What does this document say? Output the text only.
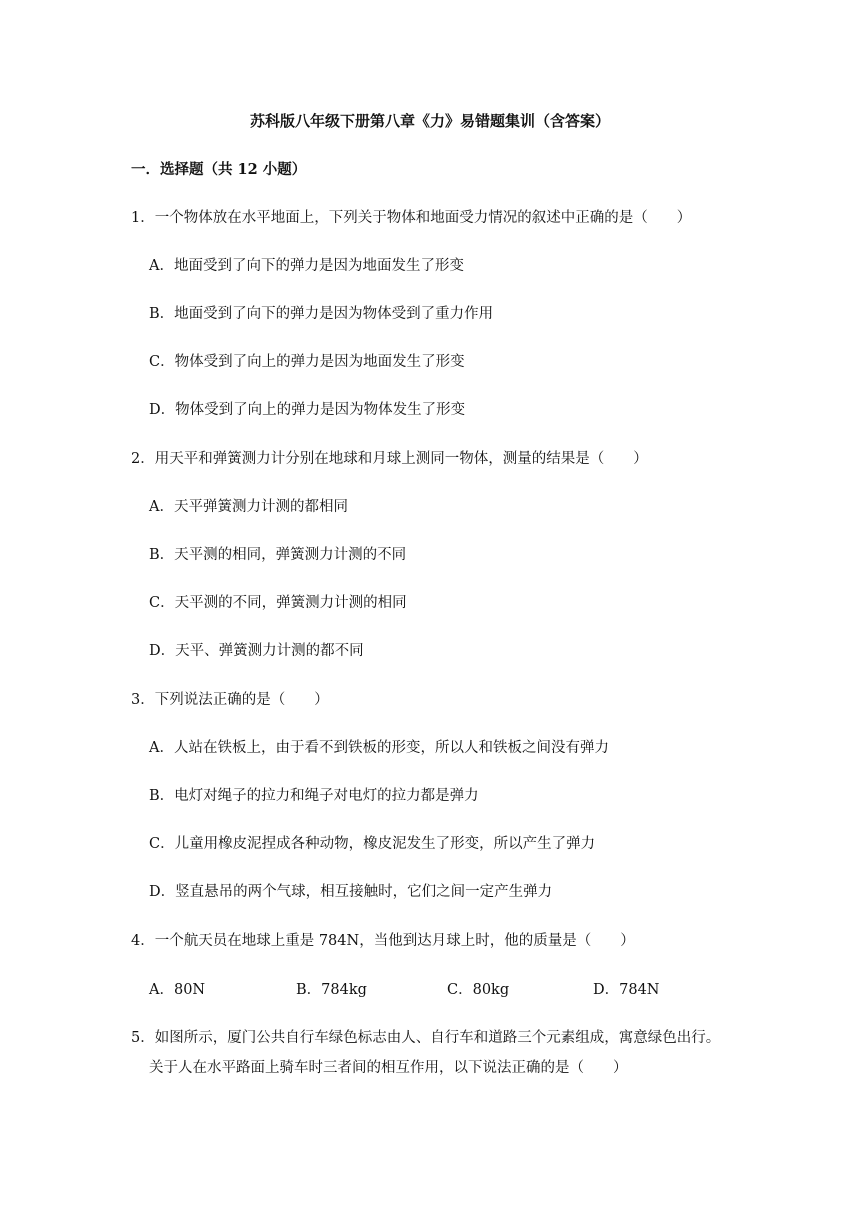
苏科版八年级下册第八章《力》易错题集训（含答案）
一．选择题（共 12 小题）
1．一个物体放在水平地面上，下列关于物体和地面受力情况的叙述中正确的是（　　）
A．地面受到了向下的弹力是因为地面发生了形变
B．地面受到了向下的弹力是因为物体受到了重力作用
C．物体受到了向上的弹力是因为地面发生了形变
D．物体受到了向上的弹力是因为物体发生了形变
2．用天平和弹簧测力计分别在地球和月球上测同一物体，测量的结果是（　　）
A．天平弹簧测力计测的都相同
B．天平测的相同，弹簧测力计测的不同
C．天平测的不同，弹簧测力计测的相同
D．天平、弹簧测力计测的都不同
3．下列说法正确的是（　　）
A．人站在铁板上，由于看不到铁板的形变，所以人和铁板之间没有弹力
B．电灯对绳子的拉力和绳子对电灯的拉力都是弹力
C．儿童用橡皮泥捏成各种动物，橡皮泥发生了形变，所以产生了弹力
D．竖直悬吊的两个气球，相互接触时，它们之间一定产生弹力
4．一个航天员在地球上重是 784N，当他到达月球上时，他的质量是（　　）
A．80N	B．784kg	C．80kg	D．784N
5．如图所示，厦门公共自行车绿色标志由人、自行车和道路三个元素组成，寓意绿色出行。
关于人在水平路面上骑车时三者间的相互作用，以下说法正确的是（　　）
